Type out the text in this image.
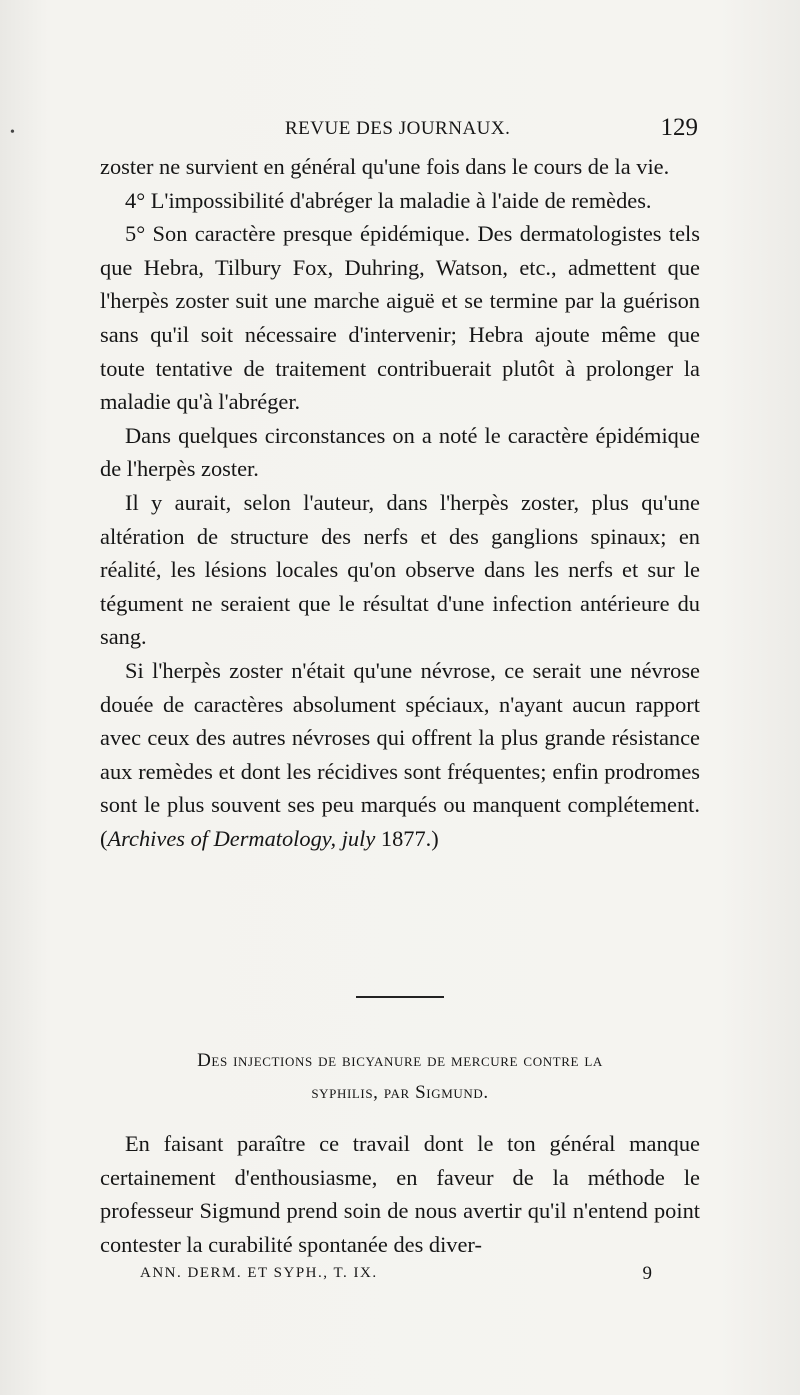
•	REVUE DES JOURNAUX.	129

zoster ne survient en général qu'une fois dans le cours de la vie.

4° L'impossibilité d'abréger la maladie à l'aide de remèdes.

5° Son caractère presque épidémique. Des dermatologistes tels que Hebra, Tilbury Fox, Duhring, Watson, etc., admettent que l'herpès zoster suit une marche aiguë et se termine par la guérison sans qu'il soit nécessaire d'intervenir; Hebra ajoute même que toute tentative de traitement contribuerait plutôt à prolonger la maladie qu'à l'abréger.

Dans quelques circonstances on a noté le caractère épidémique de l'herpès zoster.

Il y aurait, selon l'auteur, dans l'herpès zoster, plus qu'une altération de structure des nerfs et des ganglions spinaux; en réalité, les lésions locales qu'on observe dans les nerfs et sur le tégument ne seraient que le résultat d'une infection antérieure du sang.

Si l'herpès zoster n'était qu'une névrose, ce serait une névrose douée de caractères absolument spéciaux, n'ayant aucun rapport avec ceux des autres névroses qui offrent la plus grande résistance aux remèdes et dont les récidives sont fréquentes; enfin prodromes sont le plus souvent ses peu marqués ou manquent complétement. (Archives of Dermatology, july 1877.)

Des injections de bicyanure de mercure contre la
syphilis, par Sigmund.

En faisant paraître ce travail dont le ton général manque certainement d'enthousiasme, en faveur de la méthode le professeur Sigmund prend soin de nous avertir qu'il n'entend point contester la curabilité spontanée des diver-

ANN. DERM. ET SYPH., T. IX.	9
